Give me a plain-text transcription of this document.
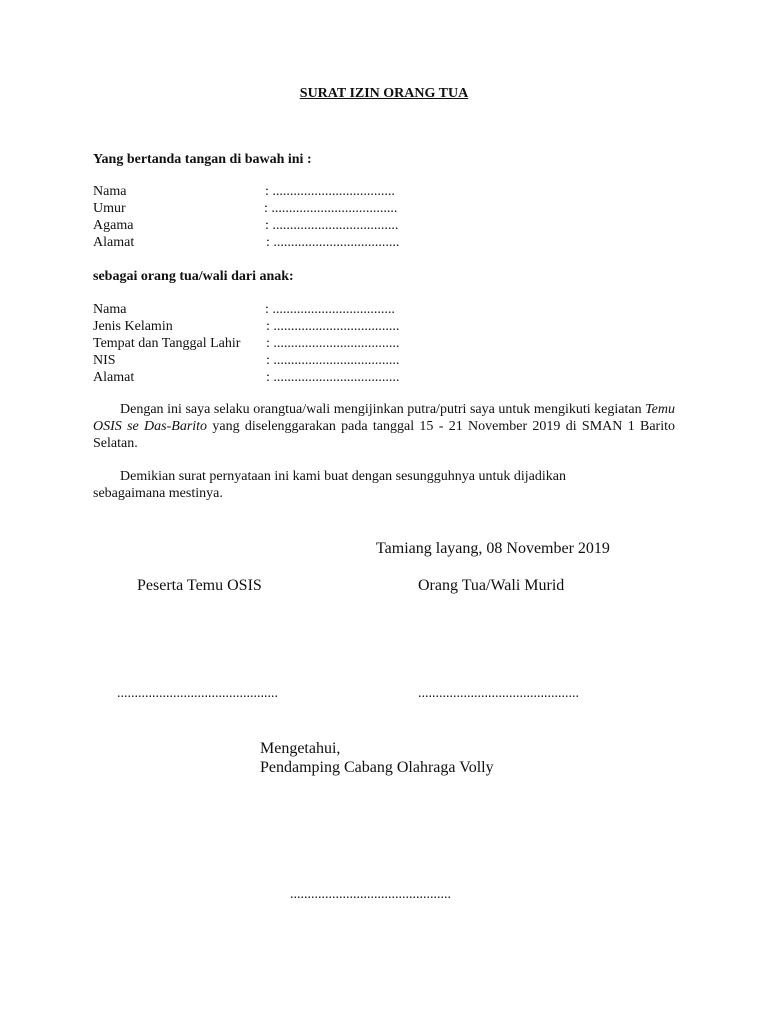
SURAT IZIN ORANG TUA
Yang bertanda tangan di bawah ini :
Nama	: ...................................
Umur	: ....................................
Agama	: ....................................
Alamat	: ....................................
sebagai orang tua/wali dari anak:
Nama	: ...................................
Jenis Kelamin	: ....................................
Tempat dan Tanggal Lahir : ....................................
NIS	: ....................................
Alamat	: ....................................
Dengan ini saya selaku orangtua/wali mengijinkan putra/putri saya untuk mengikuti kegiatan Temu OSIS se Das-Barito yang diselenggarakan pada tanggal 15 - 21 November 2019 di SMAN 1 Barito Selatan.
Demikian surat pernyataan ini kami buat dengan sesungguhnya untuk dijadikan sebagaimana mestinya.
Tamiang layang, 08 November 2019
Peserta Temu OSIS	Orang Tua/Wali Murid
..............................................	..............................................
Mengetahui,
Pendamping Cabang Olahraga Volly
..............................................
